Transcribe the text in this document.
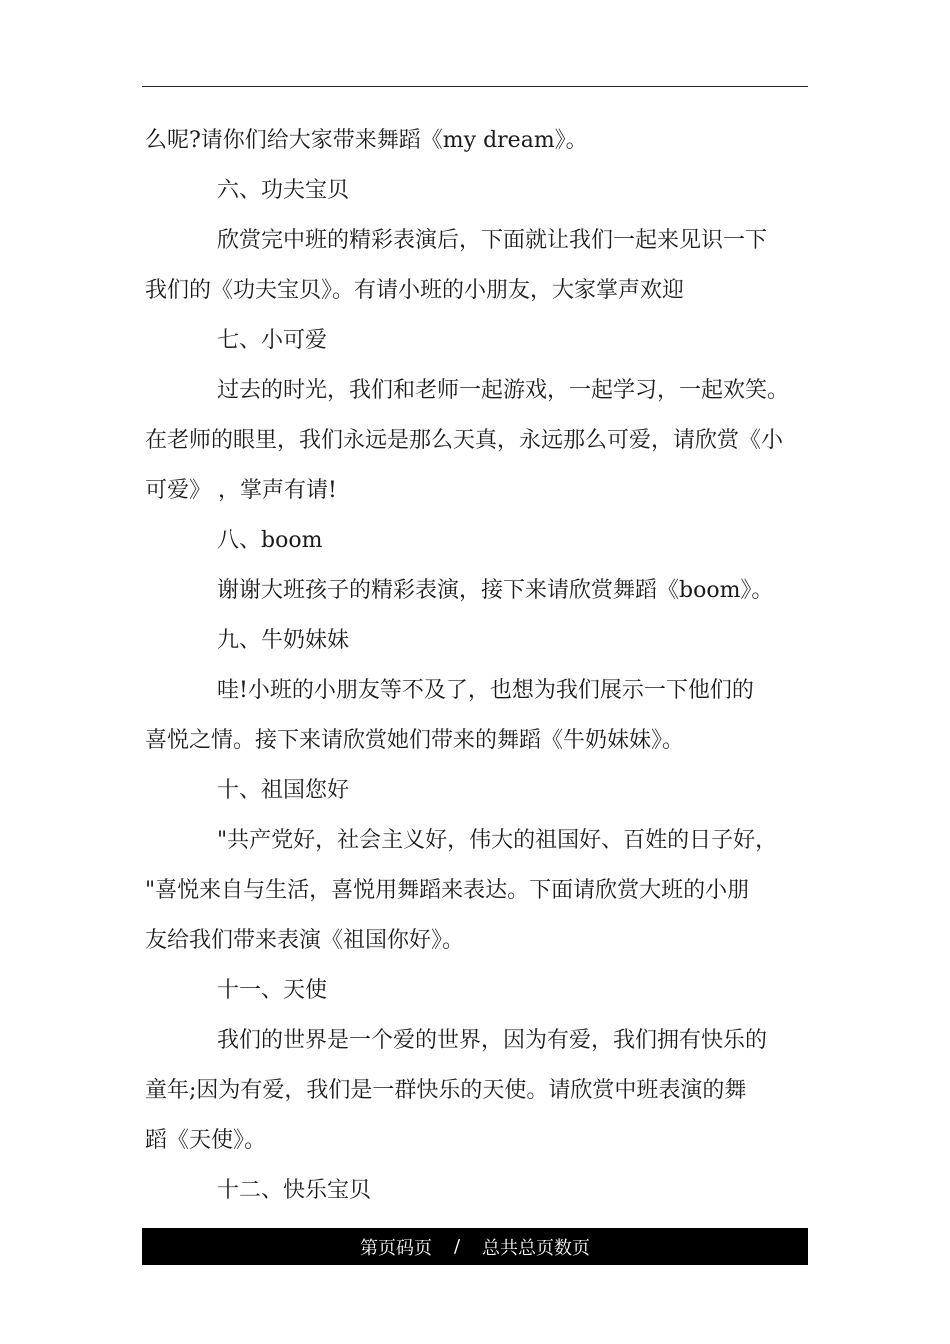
么呢?请你们给大家带来舞蹈《my dream》。
六、功夫宝贝
欣赏完中班的精彩表演后，下面就让我们一起来见识一下
我们的《功夫宝贝》。有请小班的小朋友，大家掌声欢迎
七、小可爱
过去的时光，我们和老师一起游戏，一起学习，一起欢笑。
在老师的眼里，我们永远是那么天真，永远那么可爱，请欣赏《小
可爱》 ，掌声有请!
八、boom
谢谢大班孩子的精彩表演，接下来请欣赏舞蹈《boom》。
九、牛奶妹妹
哇!小班的小朋友等不及了，也想为我们展示一下他们的
喜悦之情。接下来请欣赏她们带来的舞蹈《牛奶妹妹》。
十、祖国您好
"共产党好，社会主义好，伟大的祖国好、百姓的日子好，
"喜悦来自与生活，喜悦用舞蹈来表达。下面请欣赏大班的小朋
友给我们带来表演《祖国你好》。
十一、天使
我们的世界是一个爱的世界，因为有爱，我们拥有快乐的
童年;因为有爱，我们是一群快乐的天使。请欣赏中班表演的舞
蹈《天使》。
十二、快乐宝贝
第页码页 / 总共总页数页
